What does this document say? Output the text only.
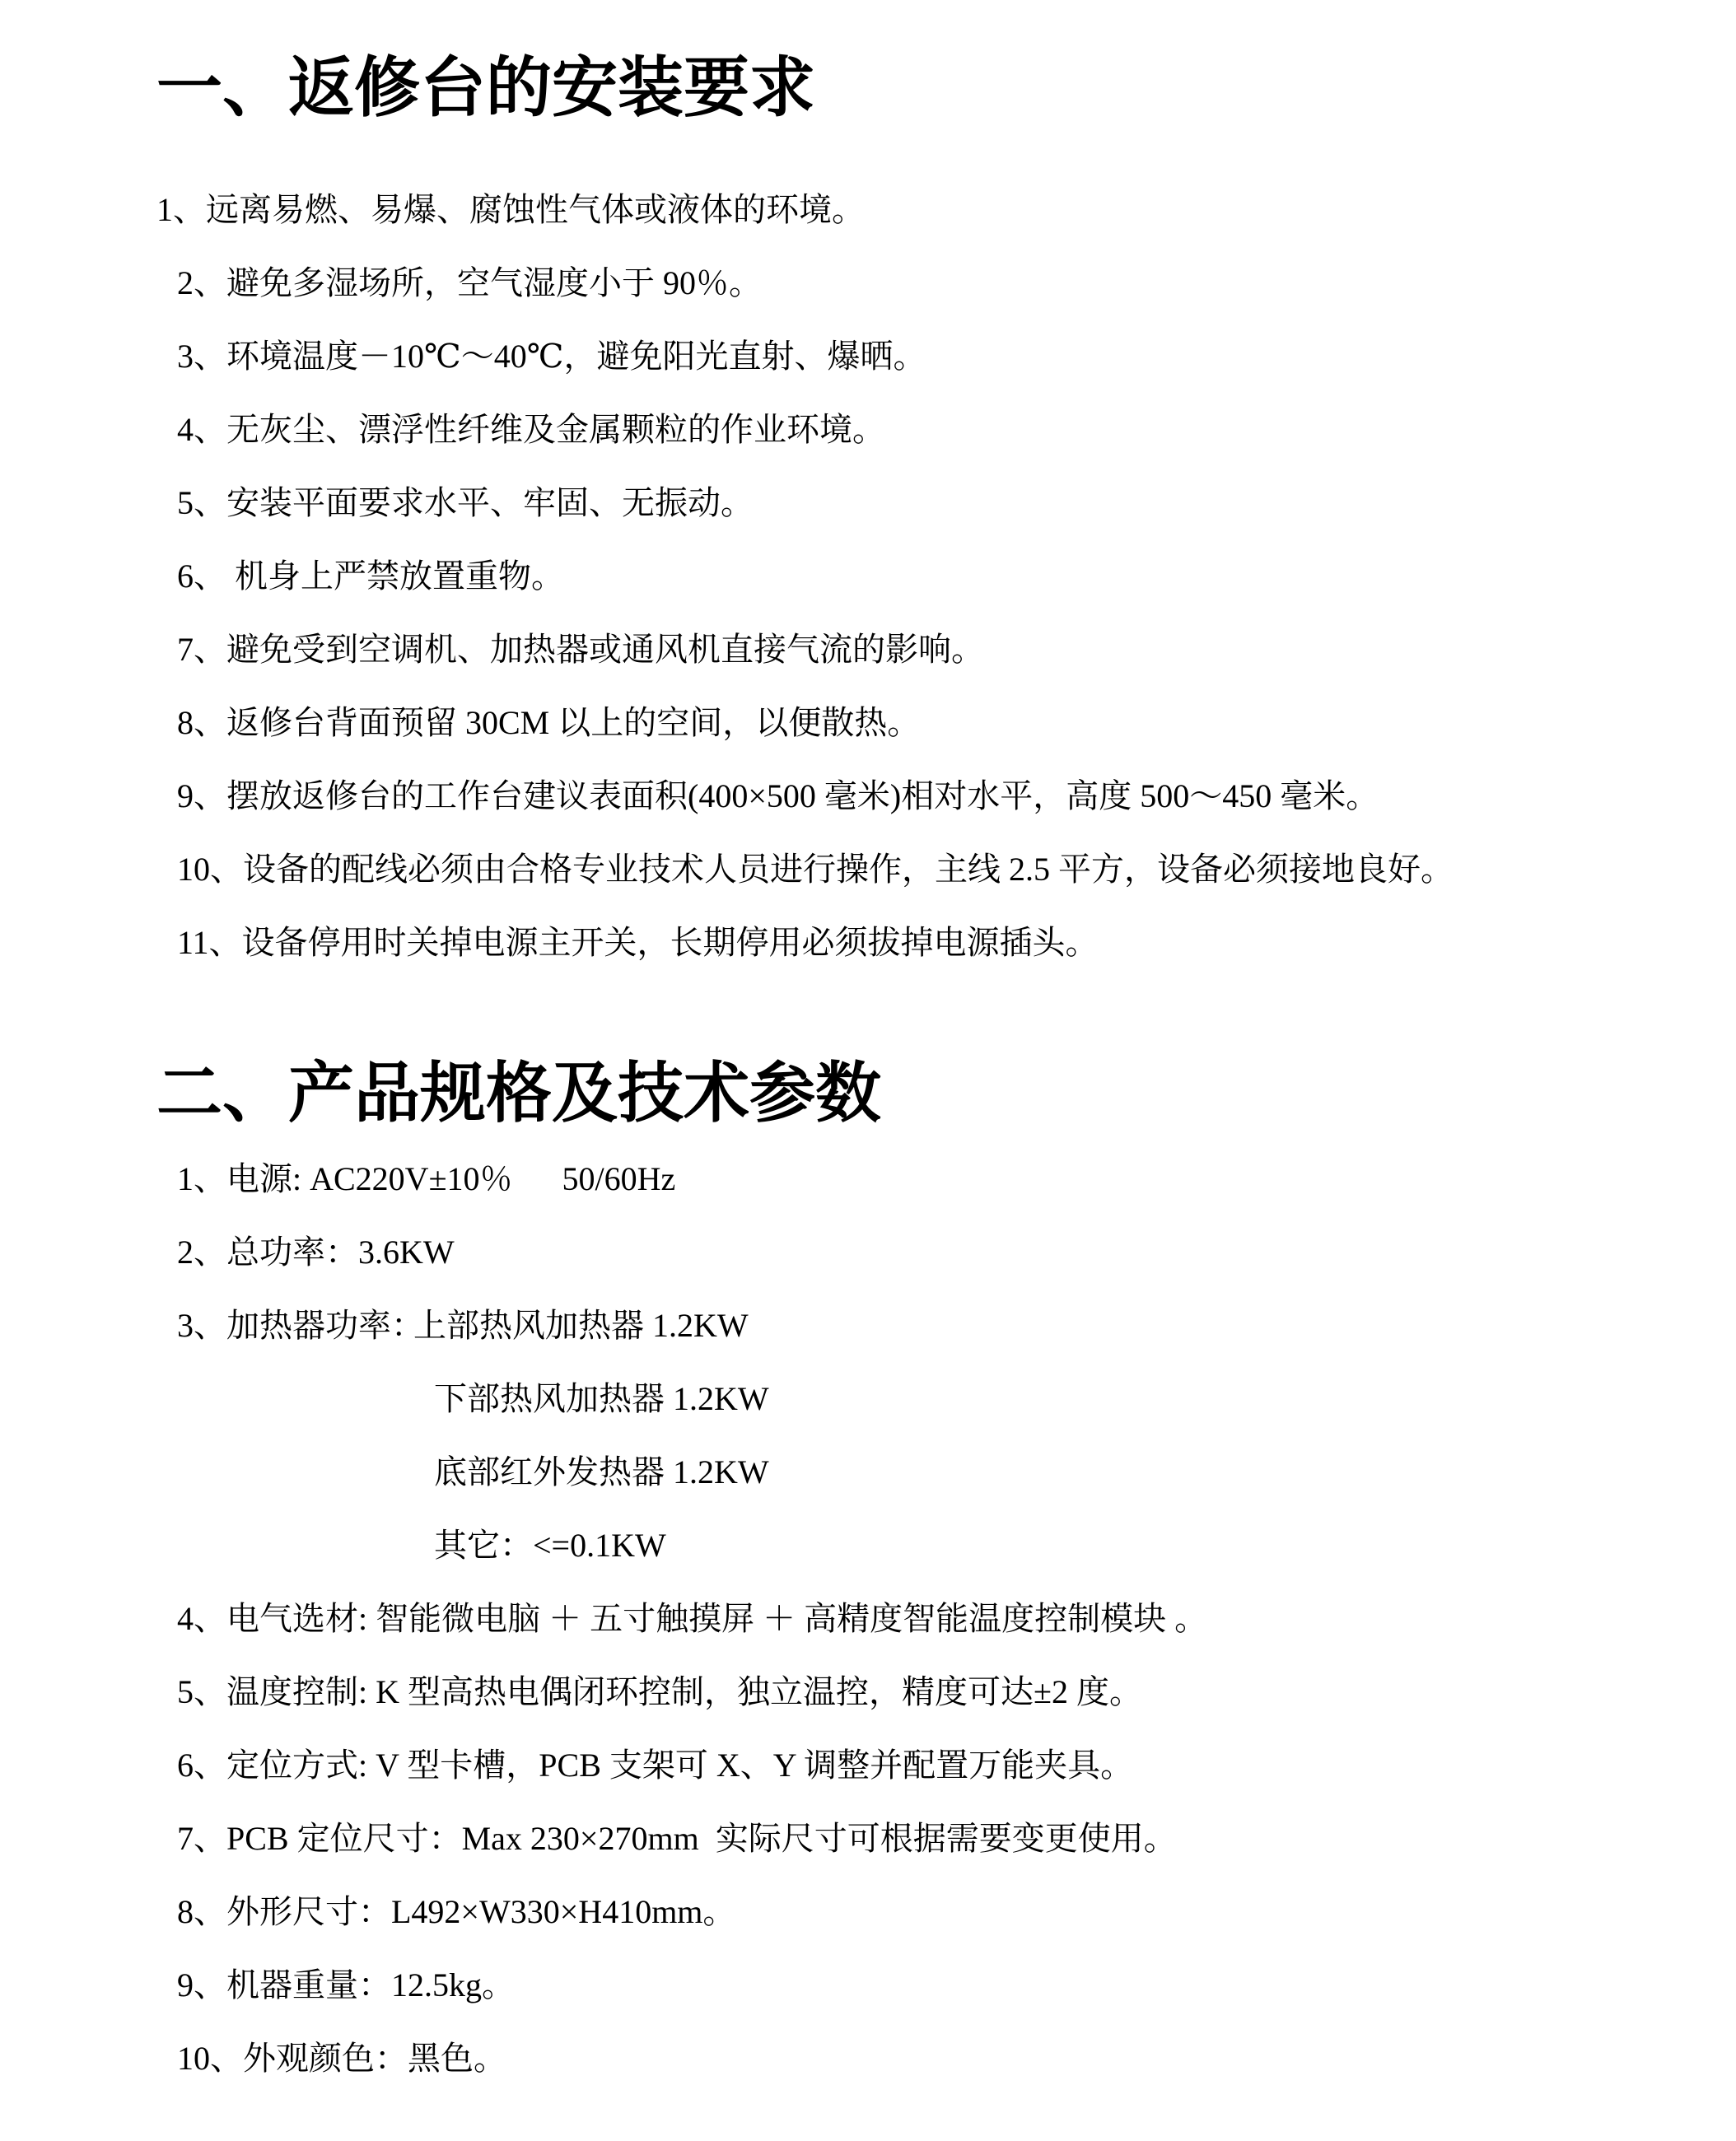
一、返修台的安装要求

1、远离易燃、易爆、腐蚀性气体或液体的环境。

2、避免多湿场所，空气湿度小于 90％。

3、环境温度－10℃～40℃，避免阳光直射、爆晒。

4、无灰尘、漂浮性纤维及金属颗粒的作业环境。

5、安装平面要求水平、牢固、无振动。

6、 机身上严禁放置重物。

7、避免受到空调机、加热器或通风机直接气流的影响。

8、返修台背面预留 30CM 以上的空间，以便散热。

9、摆放返修台的工作台建议表面积(400×500 毫米)相对水平，高度 500～450 毫米。

10、设备的配线必须由合格专业技术人员进行操作，主线 2.5 平方，设备必须接地良好。

11、设备停用时关掉电源主开关，长期停用必须拔掉电源插头。

二、产品规格及技术参数

1、电源: AC220V±10％      50/60Hz

2、总功率：3.6KW

3、加热器功率：
上部热风加热器 1.2KW

下部热风加热器 1.2KW

底部红外发热器 1.2KW

其它：<=0.1KW

4、电气选材: 智能微电脑 ＋ 五寸触摸屏 ＋ 高精度智能温度控制模块 。

5、温度控制: K 型高热电偶闭环控制，独立温控，精度可达±2 度。

6、定位方式: V 型卡槽，PCB 支架可 X、Y 调整并配置万能夹具。

7、PCB 定位尺寸：Max 230×270mm  实际尺寸可根据需要变更使用。

8、外形尺寸：L492×W330×H410mm。

9、机器重量：12.5kg。

10、外观颜色：黑色。
